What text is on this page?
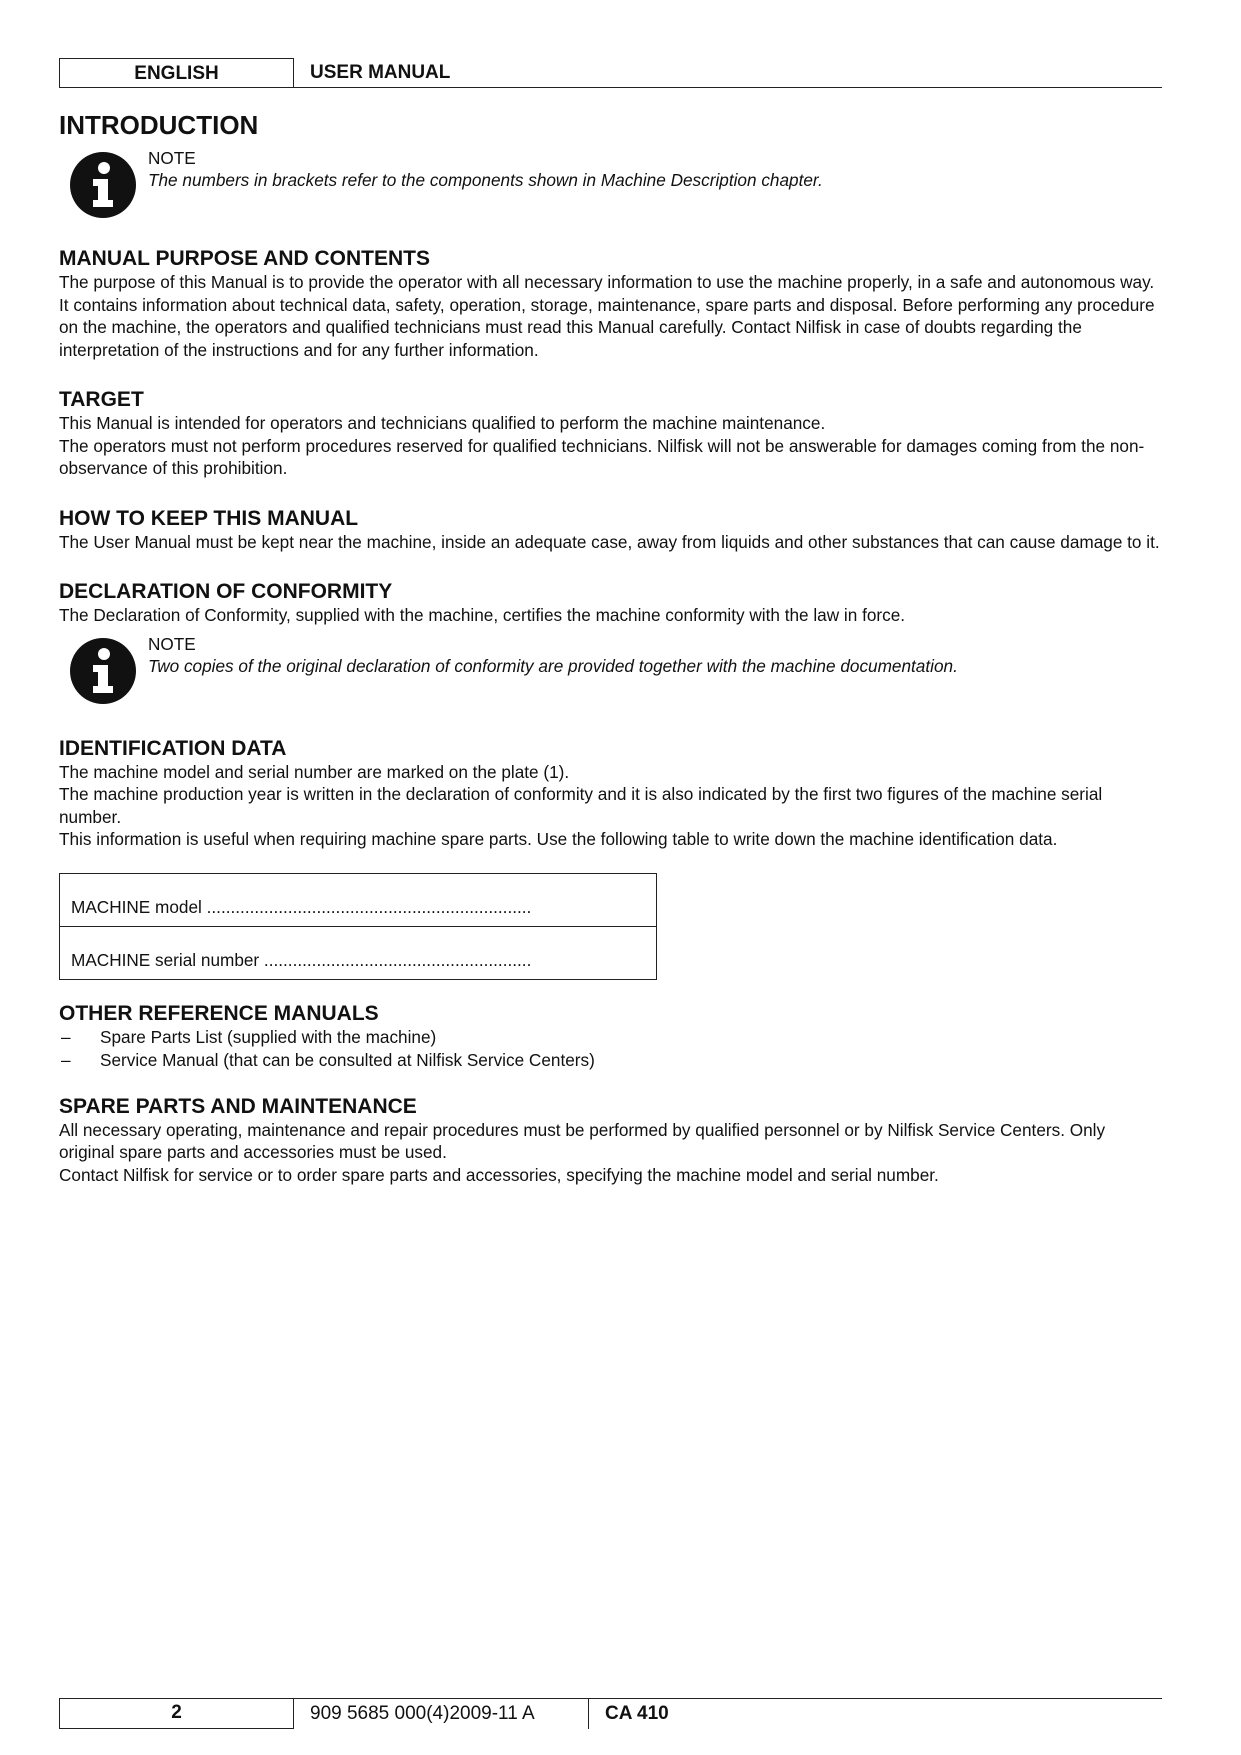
ENGLISH	USER MANUAL
INTRODUCTION

NOTE

The numbers in brackets refer to the components shown in Machine Description chapter.

MANUAL PURPOSE AND CONTENTS

The purpose of this Manual is to provide the operator with all necessary information to use the machine properly, in a safe and autonomous way. It contains information about technical data, safety, operation, storage, maintenance, spare parts and disposal. Before performing any procedure on the machine, the operators and qualified technicians must read this Manual carefully. Contact Nilfisk in case of doubts regarding the interpretation of the instructions and for any further information.

TARGET

This Manual is intended for operators and technicians qualified to perform the machine maintenance.

The operators must not perform procedures reserved for qualified technicians. Nilfisk will not be answerable for damages coming from the non-observance of this prohibition.

HOW TO KEEP THIS MANUAL

The User Manual must be kept near the machine, inside an adequate case, away from liquids and other substances that can cause damage to it.

DECLARATION OF CONFORMITY

The Declaration of Conformity, supplied with the machine, certifies the machine conformity with the law in force.

NOTE

Two copies of the original declaration of conformity are provided together with the machine documentation.

IDENTIFICATION DATA

The machine model and serial number are marked on the plate (1).

The machine production year is written in the declaration of conformity and it is also indicated by the first two figures of the machine serial number.

This information is useful when requiring machine spare parts. Use the following table to write down the machine identification data.

MACHINE model ....................................................................
MACHINE serial number ........................................................
OTHER REFERENCE MANUALS
– Spare Parts List (supplied with the machine)
– Service Manual (that can be consulted at Nilfisk Service Centers)
SPARE PARTS AND MAINTENANCE

All necessary operating, maintenance and repair procedures must be performed by qualified personnel or by Nilfisk Service Centers. Only original spare parts and accessories must be used.

Contact Nilfisk for service or to order spare parts and accessories, specifying the machine model and serial number.

2	909 5685 000(4)2009-11 A	CA 410
